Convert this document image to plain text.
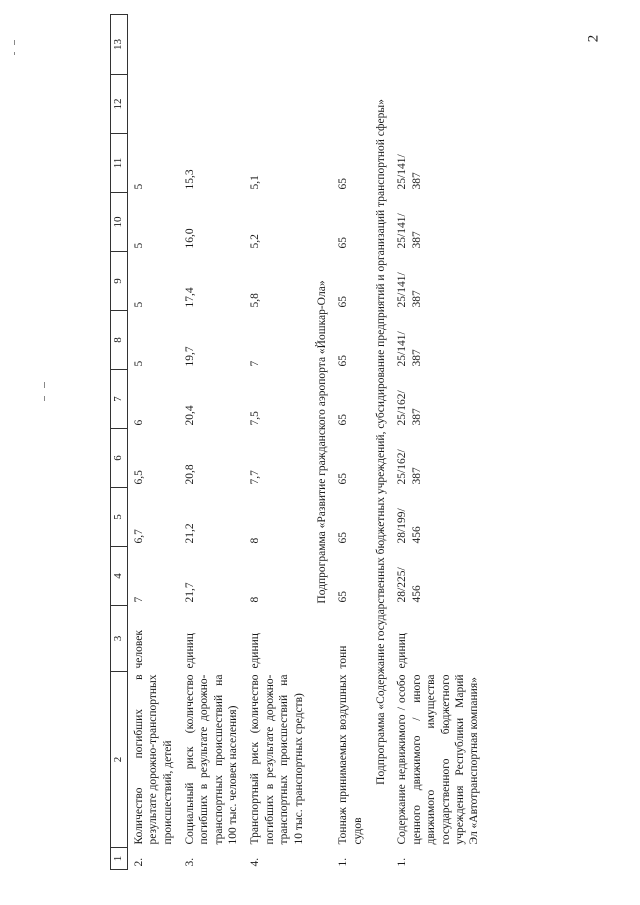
2
1	2	3	4	5	6	7	8	9	10	11	12	13
2.	Количество погибших в результате дорожно-транспортных происшествий, детей	человек	7	6,7	6,5	6	5	5	5	5		
3.	Социальный риск (количество погибших в результате дорожно-транспортных происшествий на 100 тыс. человек населения)	единиц	21,7	21,2	20,8	20,4	19,7	17,4	16,0	15,3		
4.	Транспортный риск (количество погибших в результате дорожно-транспортных происшествий на 10 тыс. транспортных средств)	единиц	8	8	7,7	7,5	7	5,8	5,2	5,1		
Подпрограмма «Развитие гражданского аэропорта «Йошкар-Ола»												
1.	Тоннаж принимаемых воздушных судов	тонн	65	65	65	65	65	65	65	65		
Подпрограмма «Содержание государственных бюджетных учреждений, субсидирование предприятий и организаций транспортной сферы»												
1.	Содержание недвижимого / особо ценного движимого / иного движимого имущества государственного бюджетного учреждения Республики Марий Эл «Автотранспортная компания»	единиц	28/225/ 456	28/199/ 456	25/162/ 387	25/162/ 387	25/141/ 387	25/141/ 387	25/141/ 387	25/141/ 387		
